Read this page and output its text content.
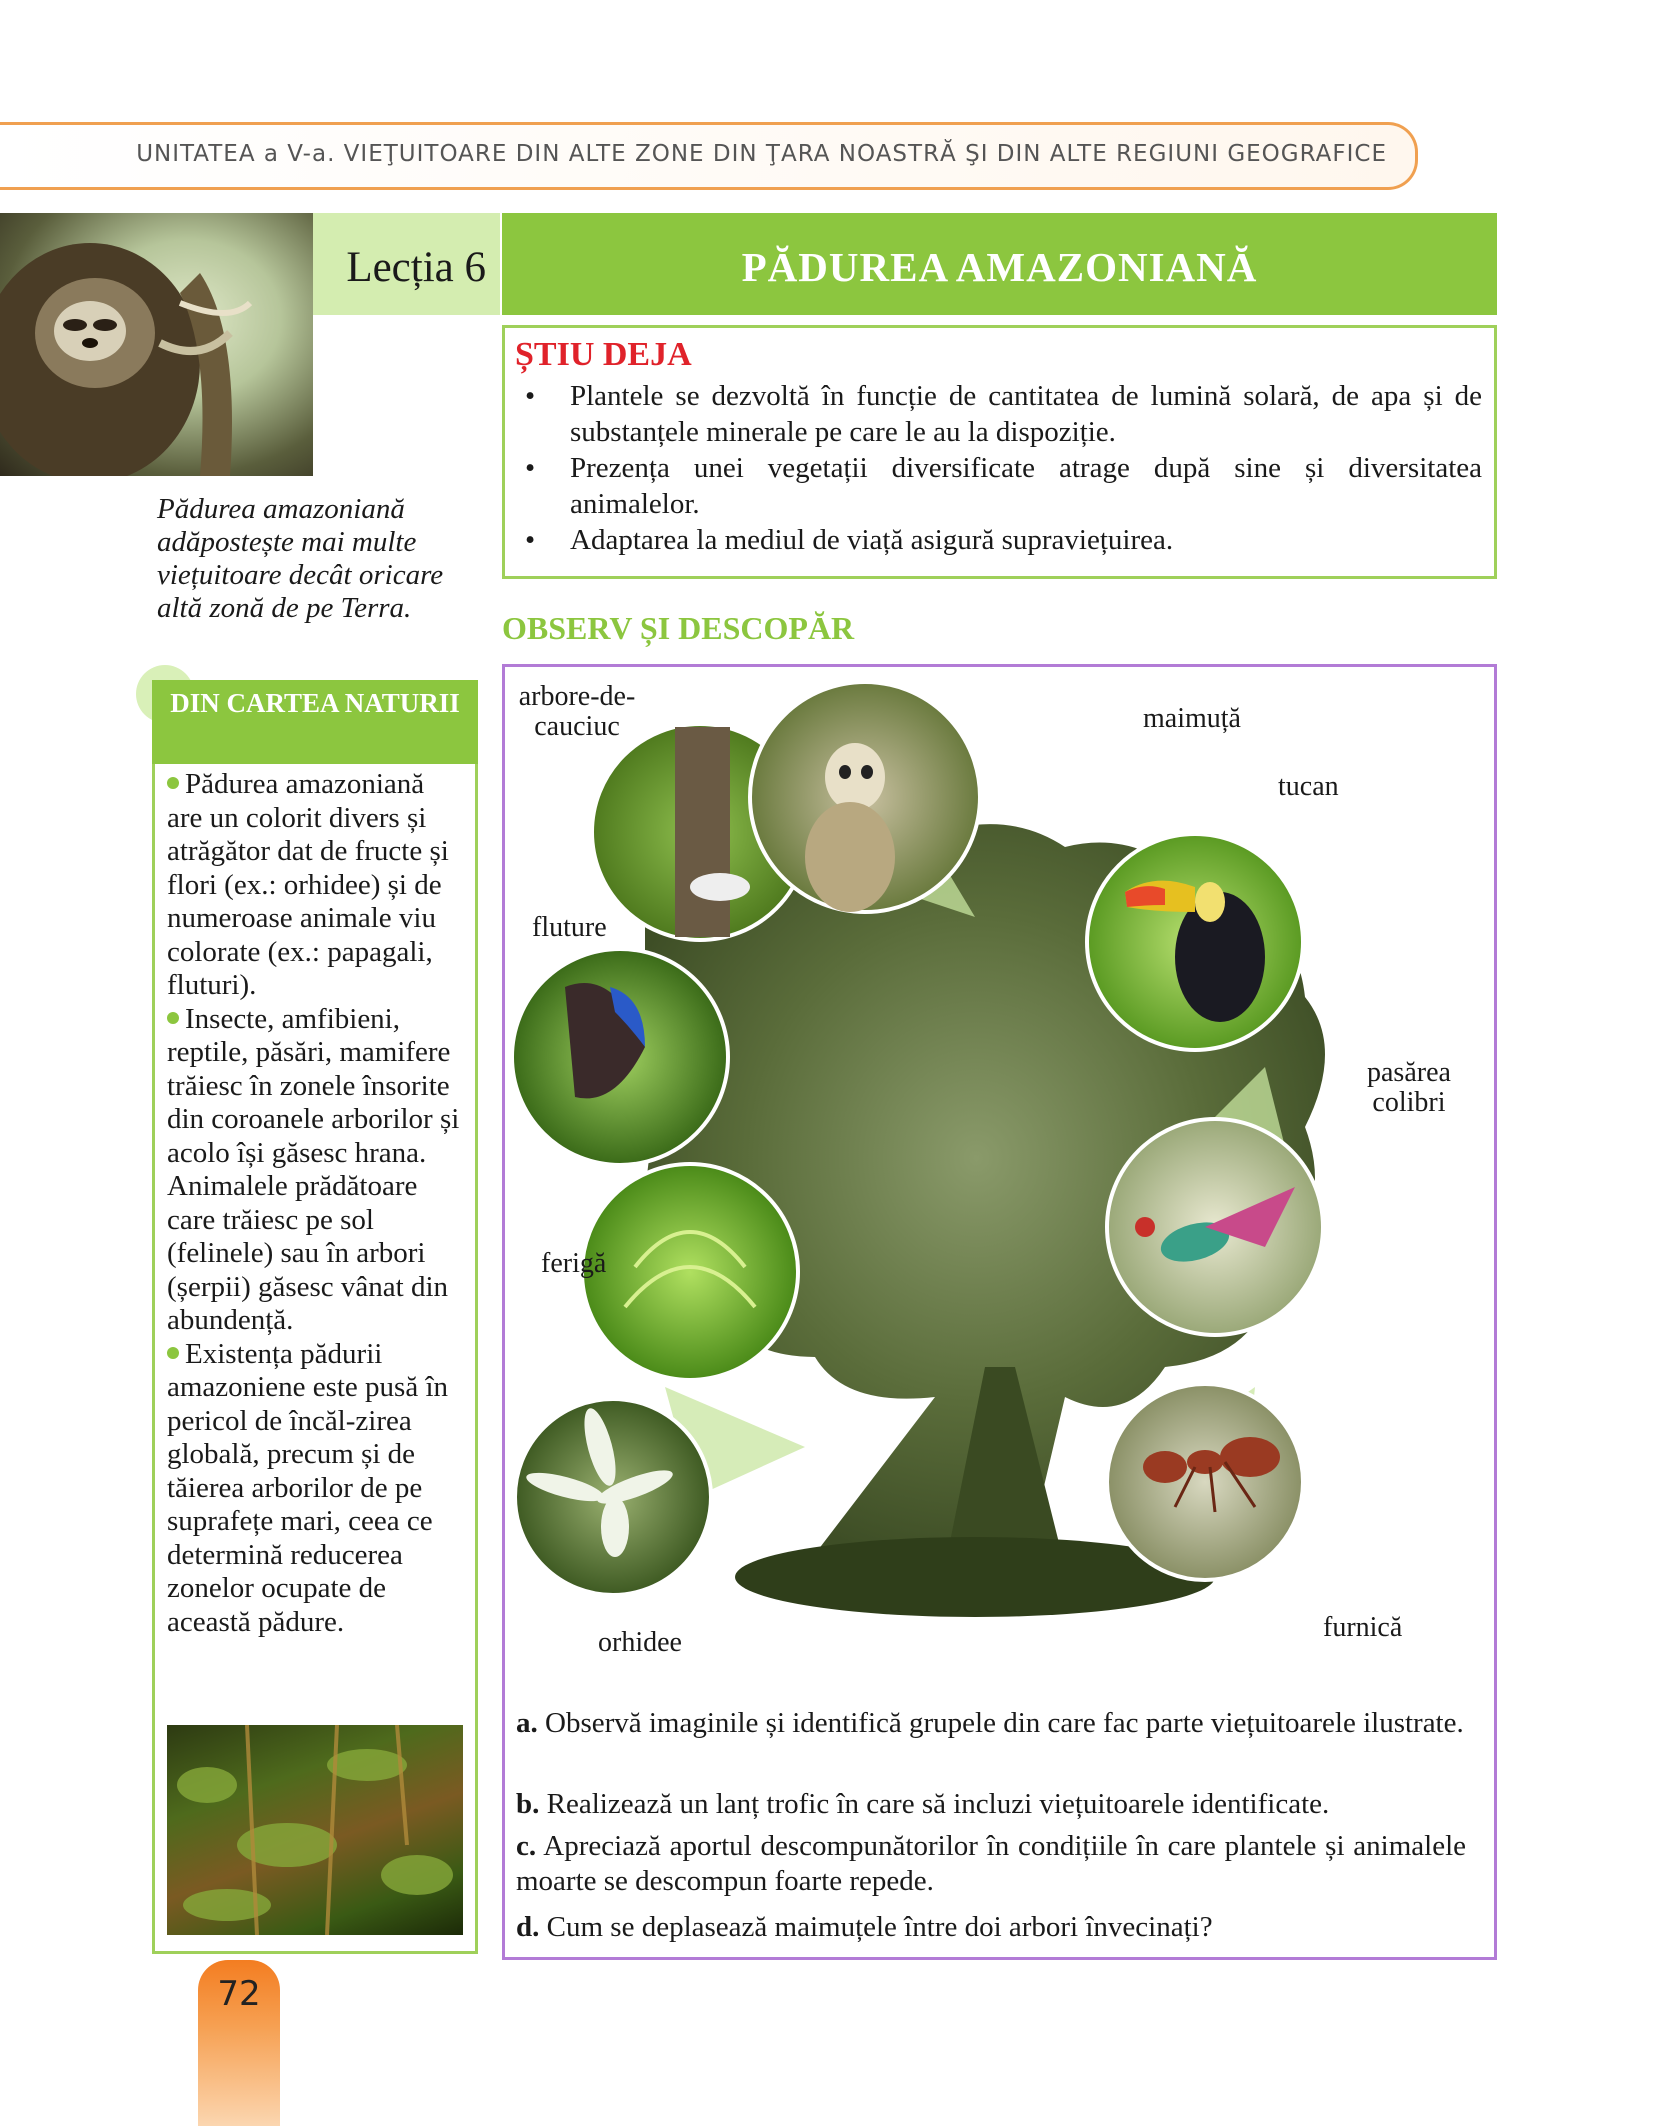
UNITATEA a V-a. VIEŢUITOARE DIN ALTE ZONE DIN ŢARA NOASTRĂ ŞI DIN ALTE REGIUNI GEOGRAFICE
Lecția 6	PĂDUREA AMAZONIANĂ
Pădurea amazoniană adăpostește mai multe viețuitoare decât oricare altă zonă de pe Terra.
ȘTIU DEJA
• Plantele se dezvoltă în funcție de cantitatea de lumină solară, de apa și de substanțele minerale pe care le au la dispoziție.
• Prezența unei vegetații diversificate atrage după sine și diversitatea animalelor.
• Adaptarea la mediul de viață asigură supraviețuirea.
OBSERV ȘI DESCOPĂR
arbore-de-
cauciuc	maimuță
tucan
fluture
pasărea
colibri
ferigă
orhidee	furnică
a. Observă imaginile și identifică grupele din care fac parte viețuitoarele ilustrate.
b. Realizează un lanț trofic în care să incluzi viețuitoarele identificate.
c. Apreciază aportul descompunătorilor în condițiile în care plantele și animalele moarte se descompun foarte repede.
d. Cum se deplasează maimuțele între doi arbori învecinați?
DIN CARTEA NATURII

Pădurea amazoniană are un colorit divers și atrăgător dat de fructe și flori (ex.: orhidee) și de numeroase animale viu colorate (ex.: papagali, fluturi).

Insecte, amfibieni, reptile, păsări, mamifere trăiesc în zonele însorite din coroanele arborilor și acolo își găsesc hrana. Animalele prădătoare care trăiesc pe sol (felinele) sau în arbori (șerpii) găsesc vânat din abundență.

Existența pădurii amazoniene este pusă în pericol de încăl-zirea globală, precum și de tăierea arborilor de pe suprafețe mari, ceea ce determină reducerea zonelor ocupate de această pădure.

72
